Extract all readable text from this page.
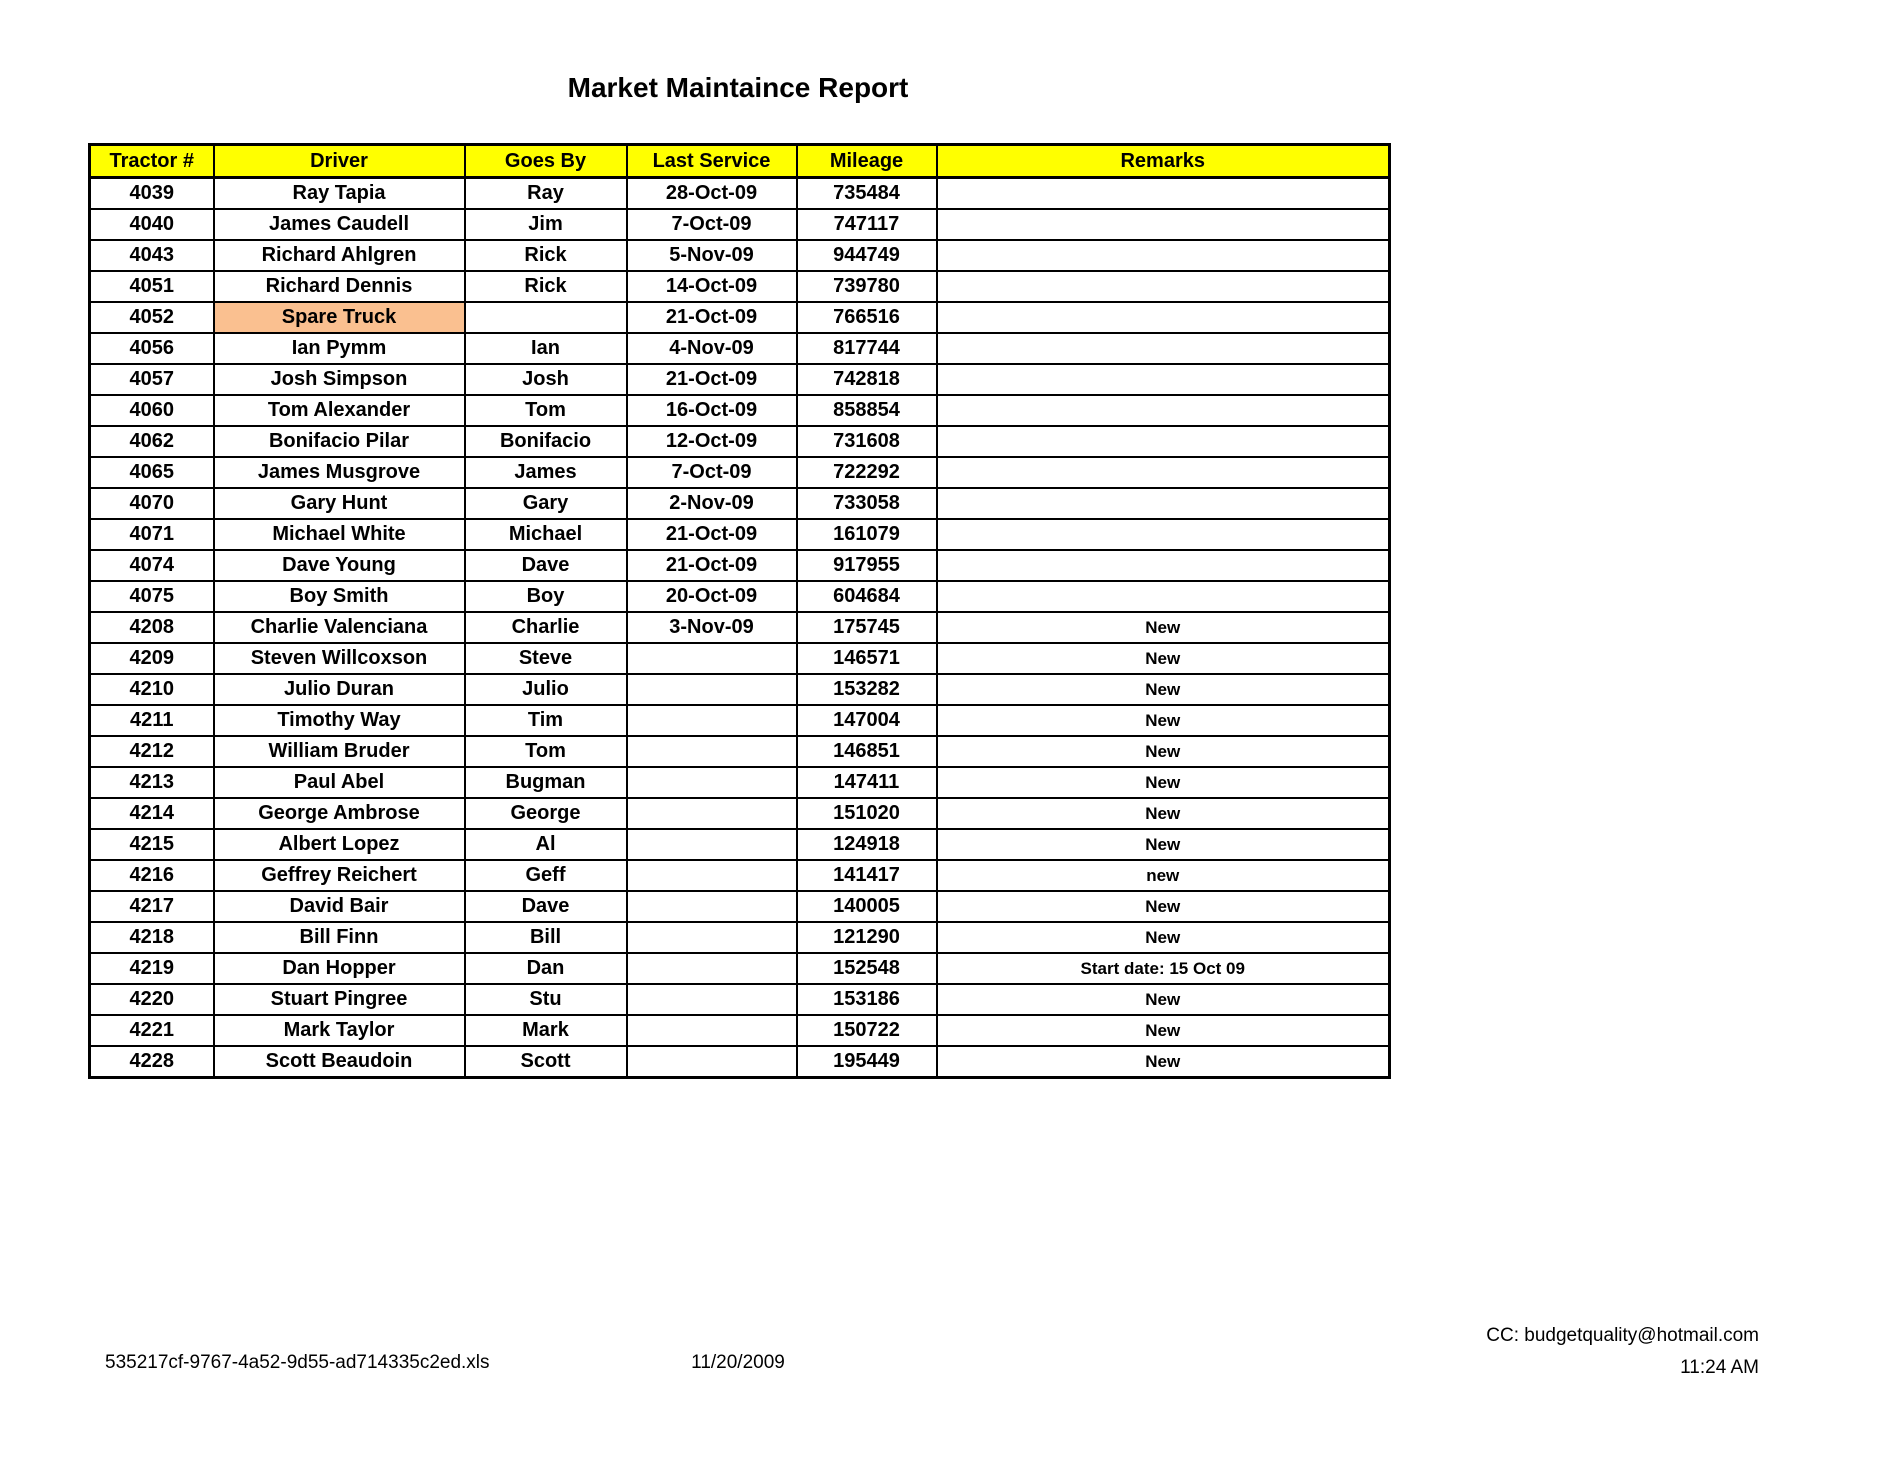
Market Maintaince Report
Tractor #	Driver	Goes By	Last Service	Mileage	Remarks
4039	Ray Tapia	Ray	28-Oct-09	735484	
4040	James Caudell	Jim	7-Oct-09	747117	
4043	Richard Ahlgren	Rick	5-Nov-09	944749	
4051	Richard Dennis	Rick	14-Oct-09	739780	
4052	Spare Truck		21-Oct-09	766516	
4056	Ian Pymm	Ian	4-Nov-09	817744	
4057	Josh Simpson	Josh	21-Oct-09	742818	
4060	Tom Alexander	Tom	16-Oct-09	858854	
4062	Bonifacio Pilar	Bonifacio	12-Oct-09	731608	
4065	James Musgrove	James	7-Oct-09	722292	
4070	Gary Hunt	Gary	2-Nov-09	733058	
4071	Michael White	Michael	21-Oct-09	161079	
4074	Dave Young	Dave	21-Oct-09	917955	
4075	Boy Smith	Boy	20-Oct-09	604684	
4208	Charlie Valenciana	Charlie	3-Nov-09	175745	New
4209	Steven Willcoxson	Steve		146571	New
4210	Julio Duran	Julio		153282	New
4211	Timothy Way	Tim		147004	New
4212	William Bruder	Tom		146851	New
4213	Paul Abel	Bugman		147411	New
4214	George Ambrose	George		151020	New
4215	Albert Lopez	Al		124918	New
4216	Geffrey Reichert	Geff		141417	new
4217	David Bair	Dave		140005	New
4218	Bill Finn	Bill		121290	New
4219	Dan Hopper	Dan		152548	Start date: 15 Oct 09
4220	Stuart Pingree	Stu		153186	New
4221	Mark Taylor	Mark		150722	New
4228	Scott Beaudoin	Scott		195449	New
535217cf-9767-4a52-9d55-ad714335c2ed.xls	11/20/2009
CC: budgetquality@hotmail.com
11:24 AM
